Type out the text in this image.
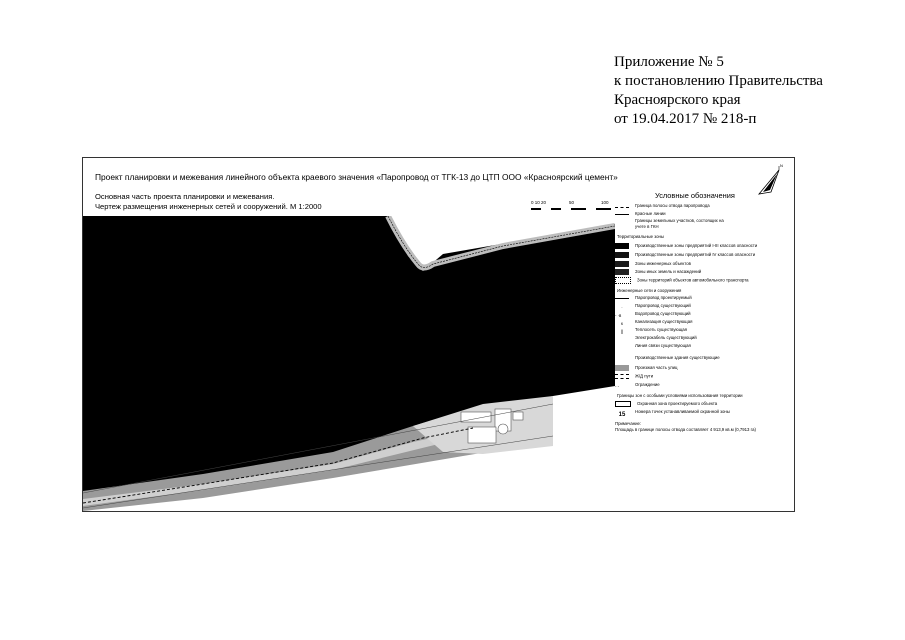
Приложение № 5
к постановлению Правительства
Красноярского края
от 19.04.2017 № 218-п
Проект планировки и межевания линейного объекта краевого значения «Паропровод от ТГК-13 до ЦТП ООО «Красноярский цемент»
Основная часть проекта планировки и межевания.
Чертеж размещения инженерных сетей и сооружений. М 1:2000	0 10 20	50	100
N
Условные обозначения
Граница полосы отвода паропровода
Красные линии
Границы земельных участков, состоящих на
учете в ГКН
Территориальные зоны
Производственные зоны предприятий I-III классов опасности
Производственные зоны предприятий IV классов опасности
Зоны инженерных объектов
Зоны иных земель и насаждений
Зоны территорий объектов автомобильного транспорта
Инженерные сети и сооружения
Паропровод проектируемый
·	Паропровод существующий
- ·в	Водопровод существующий
к	Канализация существующая
||	Теплосеть существующая
Электрокабель существующий
Линия связи существующая
Производственные здания существующие
Проезжая часть улиц
Ж/Д пути
- -	Ограждение
Границы зон с особыми условиями использования территории
Охранная зона проектируемого объекта
15Номера точек устанавливаемой охранной зоны
Примечание:
Площадь в границе полосы отвода составляет 4 913,9 кв.м (0,7913 га)
